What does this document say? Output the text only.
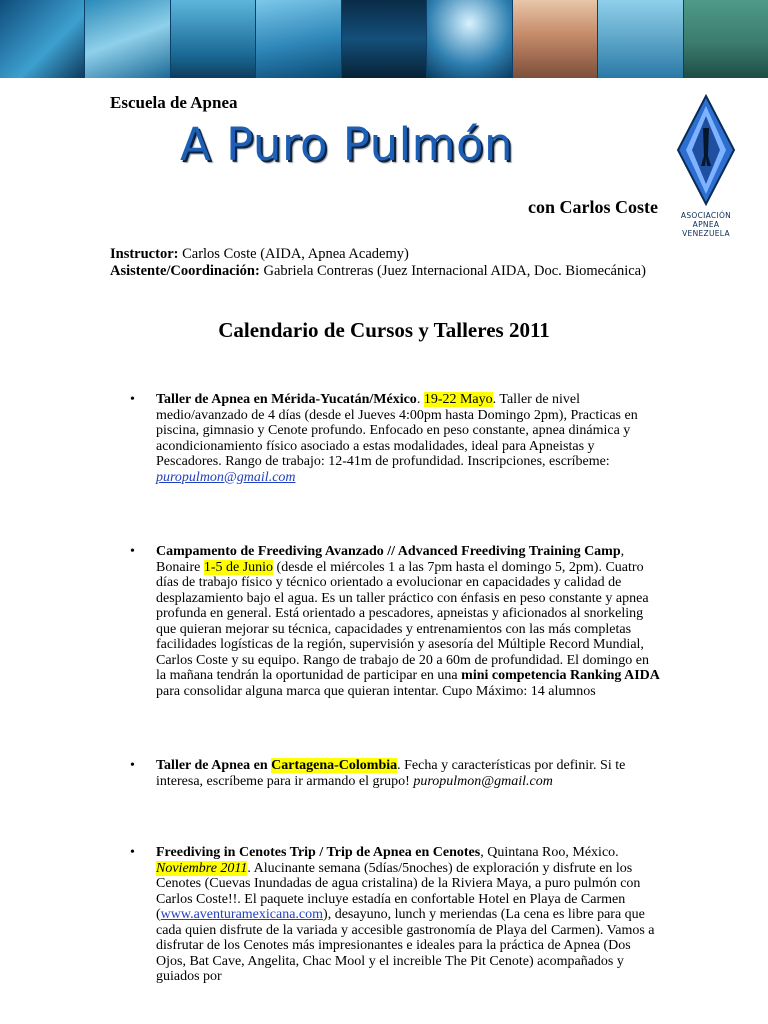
Escuela de Apnea
A Puro Pulmón
con Carlos Coste	ASOCIACIÓN
APNEA
VENEZUELA
Instructor: Carlos Coste (AIDA, Apnea Academy)
Asistente/Coordinación: Gabriela Contreras (Juez Internacional AIDA, Doc. Biomecánica)
Calendario de Cursos y Talleres 2011
• Taller de Apnea en Mérida-Yucatán/México. 19-22 Mayo. Taller de nivel medio/avanzado de 4 días (desde el Jueves 4:00pm hasta Domingo 2pm), Practicas en piscina, gimnasio y Cenote profundo. Enfocado en peso constante, apnea dinámica y acondicionamiento físico asociado a estas modalidades, ideal para Apneistas y Pescadores. Rango de trabajo: 12-41m de profundidad. Inscripciones, escríbeme: puropulmon@gmail.com
• Campamento de Freediving Avanzado // Advanced Freediving Training Camp, Bonaire 1-5 de Junio (desde el miércoles 1 a las 7pm hasta el domingo 5, 2pm). Cuatro días de trabajo físico y técnico orientado a evolucionar en capacidades y calidad de desplazamiento bajo el agua. Es un taller práctico con énfasis en peso constante y apnea profunda en general. Está orientado a pescadores, apneistas y aficionados al snorkeling que quieran mejorar su técnica, capacidades y entrenamientos con las más completas facilidades logísticas de la región, supervisión y asesoría del Múltiple Record Mundial, Carlos Coste y su equipo. Rango de trabajo de 20 a 60m de profundidad. El domingo en la mañana tendrán la oportunidad de participar en una mini competencia Ranking AIDA para consolidar alguna marca que quieran intentar. Cupo Máximo: 14 alumnos
• Taller de Apnea en Cartagena-Colombia. Fecha y características por definir. Si te interesa, escríbeme para ir armando el grupo! puropulmon@gmail.com
• Freediving in Cenotes Trip / Trip de Apnea en Cenotes, Quintana Roo, México. Noviembre 2011. Alucinante semana (5días/5noches) de exploración y disfrute en los Cenotes (Cuevas Inundadas de agua cristalina) de la Riviera Maya, a puro pulmón con Carlos Coste!!. El paquete incluye estadía en confortable Hotel en Playa de Carmen (www.aventuramexicana.com), desayuno, lunch y meriendas (La cena es libre para que cada quien disfrute de la variada y accesible gastronomía de Playa del Carmen). Vamos a disfrutar de los Cenotes más impresionantes e ideales para la práctica de Apnea (Dos Ojos, Bat Cave, Angelita, Chac Mool y el increible The Pit Cenote) acompañados y guiados por
